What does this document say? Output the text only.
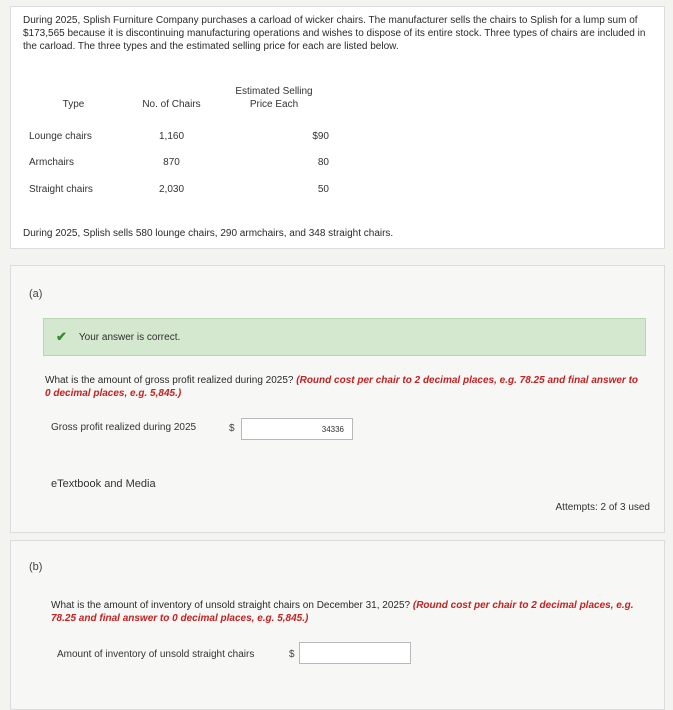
During 2025, Splish Furniture Company purchases a carload of wicker chairs. The manufacturer sells the chairs to Splish for a lump sum of $173,565 because it is discontinuing manufacturing operations and wishes to dispose of its entire stock. Three types of chairs are included in the carload. The three types and the estimated selling price for each are listed below.
Type	No. of Chairs	Estimated Selling
Price Each
Lounge chairs	1,160	$90
Armchairs	870	80
Straight chairs	2,030	50
During 2025, Splish sells 580 lounge chairs, 290 armchairs, and 348 straight chairs.
(a)
✔ Your answer is correct.
What is the amount of gross profit realized during 2025? (Round cost per chair to 2 decimal places, e.g. 78.25 and final answer to 0 decimal places, e.g. 5,845.)
Gross profit realized during 2025	$
34336
eTextbook and Media
Attempts: 2 of 3 used
(b)
What is the amount of inventory of unsold straight chairs on December 31, 2025? (Round cost per chair to 2 decimal places, e.g. 78.25 and final answer to 0 decimal places, e.g. 5,845.)
Amount of inventory of unsold straight chairs	$
